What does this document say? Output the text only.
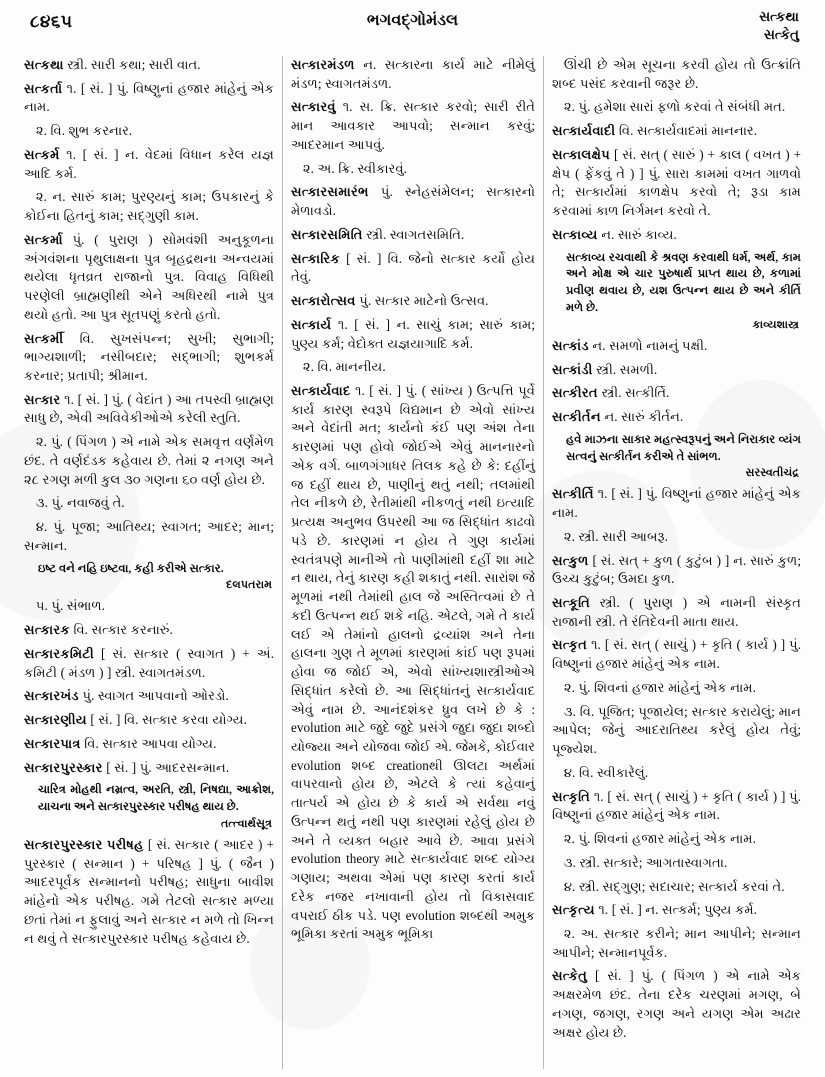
૮૪૬૫	ભગવદ્ગોમંડલ	સત્કથા
સત્કેતુ

સત્કથા સ્ત્રી. સારી કથા; સારી વાત.

સત્કર્તા ૧. [ સં. ] પું. વિષ્ણુનાં હજાર માંહેનું એક નામ.

૨. વિ. શુભ કરનાર.

સત્કર્મ ૧. [ સં. ] ન. વેદમાં વિધાન કરેલ યજ્ઞ આદિ કર્મ.

૨. ન. સારું કામ; પુરણ્યનું કામ; ઉપકારનું કે કોઈના હિતનું કામ; સદ્ગુણી કામ.

સત્કર્મા પું. ( પુરાણ ) સોમવંશી અનુકૂળના અંગવંશના પૃથુલાક્ષના પુત્ર બૃહદ્રથના અન્વયમાં થયેલા ધૃતવ્રત રાજાનો પુત્ર. વિવાહ વિધિથી પરણેલી બ્રાહ્મણીથી એને અધિરથી નામે પુત્ર થયો હતો. આ પુત્ર સૂતપણું કરતો હતો.

સત્કર્મી વિ. સુખસંપન્ન; સુખી; સુભાગી; ભાગ્યશાળી; નસીબદાર; સદ્ભાગી; શુભકર્મ કરનાર; પ્રતાપી; શ્રીમાન.

સત્કાર ૧. [ સં. ] પું. ( વેદાંત ) આ તપસ્વી બ્રાહ્મણ સાધુ છે, એવી અવિવેકીઓએ કરેલી સ્તુતિ.

૨. પું. ( પિંગળ ) એ નામે એક સમવૃત્ત વર્ણમેળ છંદ. તે વર્ણદંડક કહેવાય છે. તેમાં ૨ નગણ અને ૨૮ રગણ મળી કુલ ૩૦ ગણના ૬૦ વર્ણ હોય છે.

૩. પું. નવાજવું તે.

૪. પું. પૂજા; આતિથ્ય; સ્વાગત; આદર; માન; સન્માન.

ઇષ્ટ વને નહિ ઇષ્ટવા, કહી કરીએ સત્કાર.

દલપતરામ

૫. પું. સંભાળ.

સત્કારક વિ. સત્કાર કરનારું.

સત્કારકમિટી [ સં. સત્કાર ( સ્વાગત ) + અં. કમિટી ( મંડળ ) ] સ્ત્રી. સ્વાગતમંડળ.

સત્કારખંડ પું. સ્વાગત આપવાનો ઓરડો.

સત્કારણીય [ સં. ] વિ. સત્કાર કરવા યોગ્ય.

સત્કારપાત્ર વિ. સત્કાર આપવા યોગ્ય.

સત્કારપુરસ્કાર [ સં. ] પું. આદરસન્માન.

ચારિત્ર મોહથી નમ્રત્વ, અરતિ, સ્ત્રી, નિષદ્યા, આક્રોશ, યાચના અને સત્કારપુરસ્કાર પરીષહ થાય છે.

તત્ત્વાર્થસૂત્ર

સત્કારપુરસ્કાર પરીષહ [ સં. સત્કાર ( આદર ) + પુરસ્કાર ( સન્માન ) + પરિષહ ] પું. ( જૈન ) આદરપૂર્વક સન્માનનો પરીષહ; સાધુના બાવીશ માંહેનો એક પરીષહ. ગમે તેટલો સત્કાર મળ્યા છતાં તેમાં ન ફુલાવું અને સત્કાર ન મળે તો ખિન્ન ન થવું તે સત્કારપુરસ્કાર પરીષહ કહેવાય છે.

સત્કારમંડળ ન. સત્કારના કાર્ય માટે નીમેલું મંડળ; સ્વાગતમંડળ.

સત્કારવું ૧. સ. ક્રિ. સત્કાર કરવો; સારી રીતે માન આવકાર આપવો; સન્માન કરવું; આદરમાન આપવું.

૨. અ. ક્રિ. સ્વીકારવું.

સત્કારસમારંભ પું. સ્નેહસંમેલન; સત્કારનો મેળાવડો.

સત્કારસમિતિ સ્ત્રી. સ્વાગતસમિતિ.

સત્કારિક [ સં. ] વિ. જેનો સત્કાર કર્યો હોય તેવું.

સત્કારોત્સવ પું. સત્કાર માટેનો ઉત્સવ.

સત્કાર્ય ૧. [ સં. ] ન. સાચું કામ; સારું કામ; પુણ્ય કર્મ; વેદોક્ત યજ્ઞયાગાદિ કર્મ.

૨. વિ. માનનીય.

સત્કાર્યવાદ ૧. [ સં. ] પું. ( સાંખ્ય ) ઉત્પત્તિ પૂર્વે કાર્ય કારણ સ્વરૂપે વિદ્યમાન છે એવો સાંખ્ય અને વેદાંતી મત; કાર્યનો કંઈ પણ અંશ તેના કારણમાં પણ હોવો જોઈએ એવું માનનારનો એક વર્ગ. બાળગંગાધર તિલક કહે છે કે: દહીંનું જ દહીં થાય છે, પાણીનું થતું નથી; તલમાંથી તેલ નીકળે છે, રેતીમાંથી નીકળતું નથી ઇત્યાદિ પ્રત્યક્ષ અનુભવ ઉપરથી આ જ સિદ્ધાંત કાઢવો પડે છે. કારણમાં ન હોય તે ગુણ કાર્યમાં સ્વતંત્રપણે માનીએ તો પાણીમાંથી દહીં શા માટે ન થાય, તેનું કારણ કહી શકાતું નથી. સારાંશ જે મૂળમાં નથી તેમાંથી હાલ જે અસ્તિત્વમાં છે તે કદી ઉત્પન્ન થઈ શકે નહિ. એટલે, ગમે તે કાર્ય લઈ એ તેમાંનો હાલનો દ્રવ્યાંશ અને તેના હાલના ગુણ તે મૂળમાં કારણમાં કાંઈ પણ રૂપમાં હોવા જ જોઈ એ, એવો સાંખ્યશાસ્ત્રીઓએ સિદ્ધાંત કરેલો છે. આ સિદ્ધાંતનું સત્કાર્યવાદ એવું નામ છે. આનંદશંકર ધ્રુવ લખે છે કે : evolution માટે જુદે જુદે પ્રસંગે જુદા જુદા શબ્દો યોજ્યા અને યોજવા જોઈ એ. જેમકે, કોઈવાર evolution શબ્દ creationથી ઊલટા અર્થમાં વાપરવાનો હોય છે, એટલે કે ત્યાં કહેવાનું તાત્પર્ય એ હોય છે કે કાર્ય એ સર્વથા નવું ઉત્પન્ન થતું નથી પણ કારણમાં રહેલું હોય છે અને તે વ્યક્ત બહાર આવે છે. આવા પ્રસંગે evolution theory માટે સત્કાર્યવાદ શબ્દ યોગ્ય ગણાય; અથવા એમાં પણ કારણ કરતાં કાર્ય દરેક નજર નખાવાની હોય તો વિકાસવાદ વપરાઈ ઠીક પડે. પણ evolution શબ્દથી અમુક ભૂમિકા કરતાં અમુક ભૂમિકા

ઊંચી છે એમ સૂચના કરવી હોય તો ઉત્ક્રાંતિ શબ્દ પસંદ કરવાની જરૂર છે.

૨. પું. હમેશા સારાં ફળો કરવાં તે સંબંધી મત.

સત્કાર્યવાદી વિ. સત્કાર્યવાદમાં માનનાર.

સત્કાલક્ષેપ [ સં. સત્ ( સારું ) + કાલ ( વખત ) + ક્ષેપ ( ફેંકવું તે ) ] પું. સારા કામમાં વખત ગાળવો તે; સત્કાર્યમાં કાળક્ષેપ કરવો તે; રૂડા કામ કરવામાં કાળ નિર્ગમન કરવો તે.

સત્કાવ્ય ન. સારું કાવ્ય.

સત્કાવ્ય રચવાથી કે શ્રવણ કરવાથી ધર્મ, અર્થ, કામ અને મોક્ષ એ ચાર પુરુષાર્થ પ્રાપ્ત થાય છે, કળામાં પ્રવીણ થવાય છે, યશ ઉત્પન્ન થાય છે અને કીર્તિ મળે છે.

કાવ્યશાસ્ત્ર

સત્કાંડ ન. સમળો નામનું પક્ષી.

સત્કાંડી સ્ત્રી. સમળી.

સત્કીરત સ્ત્રી. સત્કીર્તિ.

સત્કીર્તન ન. સારું કીર્તન.

હવે માઝના સાકાર મહત્સ્વરૂપનું અને નિરાકાર વ્યંગ સત્વનું સત્કીર્તન કરીએ તે સાંભળ.

સરસ્વતીચંદ્ર

સત્કીર્તિ ૧. [ સં. ] પું. વિષ્ણુનાં હજાર માંહેનું એક નામ.

૨. સ્ત્રી. સારી આબરૂ.

સત્કુળ [ સં. સત્ + કુળ ( કુટુંબ ) ] ન. સારું કુળ; ઉચ્ચ કુટુંબ; ઉમદા કુળ.

સત્કૂતિ સ્ત્રી. ( પુરાણ ) એ નામની સંસ્કૃત રાજાની સ્ત્રી. તે રંતિદેવની માતા થાય.

સત્કૃત ૧. [ સં. સત્ ( સાચું ) + કૃતિ ( કાર્ય ) ] પું. વિષ્ણુનાં હજાર માંહેનું એક નામ.

૨. પું. શિવનાં હજાર માંહેનું એક નામ.

૩. વિ. પૂજિત; પૂજાયેલ; સત્કાર કરાયેલું; માન આપેલ; જેનું આદરાતિથ્ય કરેલું હોય તેવું; પૂજ્યેશ.

૪. વિ. સ્વીકારેલું.

સત્કૃતિ ૧. [ સં. સત્ ( સાચું ) + કૃતિ ( કાર્ય ) ] પું. વિષ્ણુનાં હજાર માંહેનું એક નામ.

૨. પું. શિવનાં હજાર માંહેનું એક નામ.

૩. સ્ત્રી. સત્કારે; આગતાસ્વાગતા.

૪. સ્ત્રી. સદ્ગુણ; સદાચાર; સત્કાર્ય કરવાં તે.

સત્કૃત્ય ૧. [ સં. ] ન. સત્કર્મ; પુણ્ય કર્મ.

૨. અ. સત્કાર કરીને; માન આપીને; સન્માન આપીને; સન્માનપૂર્વક.

સત્કેતુ [ સં. ] પું. ( પિંગળ ) એ નામે એક અક્ષરમેળ છંદ. તેના દરેક ચરણમાં મગણ, બે નગણ, જગણ, રગણ અને યગણ એમ અઢાર અક્ષર હોય છે.
